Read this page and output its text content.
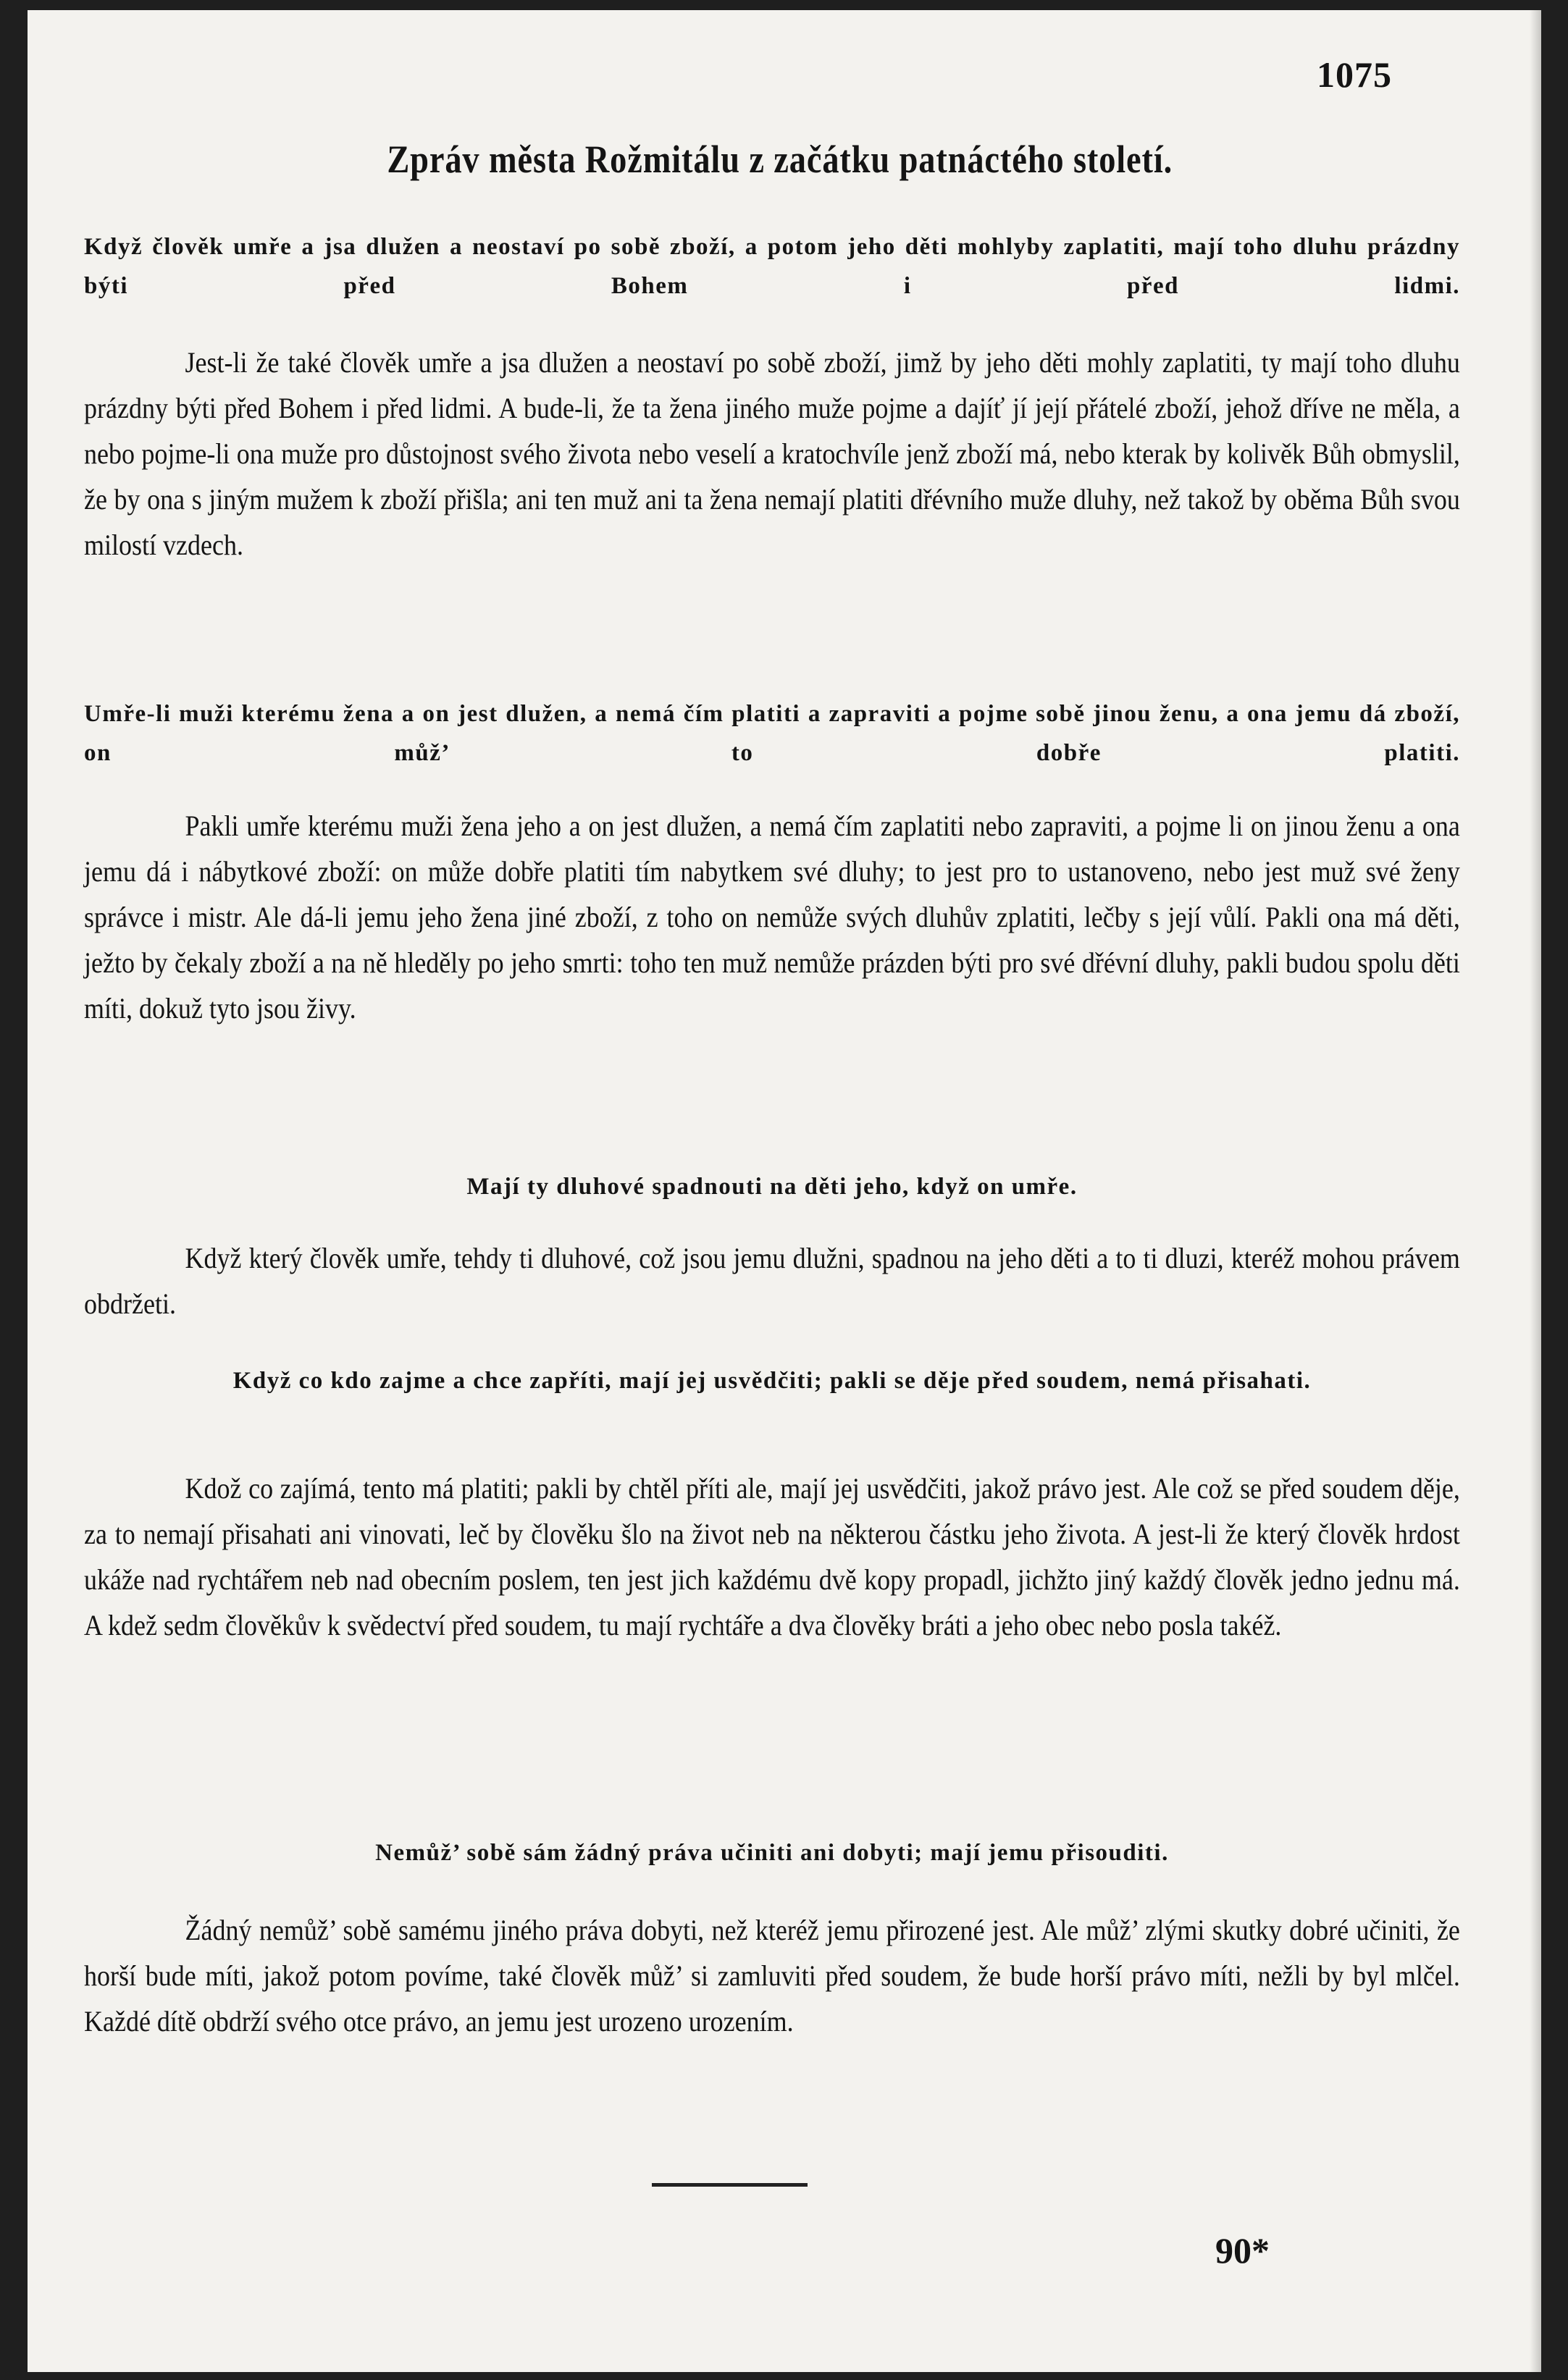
1075
Zpráv města Rožmitálu z začátku patnáctého století.
Když člověk umře a jsa dlužen a neostaví po sobě zboží, a potom jeho děti mohlyby zaplatiti, mají toho dluhu prázdny býti před Bohem i před lidmi.
Jest-li že také člověk umře a jsa dlužen a neostaví po sobě zboží, jimž by jeho děti mohly zaplatiti, ty mají toho dluhu prázdny býti před Bohem i před lidmi. A bude-li, že ta žena jiného muže pojme a dajíť jí její přátelé zboží, jehož dříve ne měla, a nebo pojme-li ona muže pro důstojnost svého života nebo veselí a kratochvíle jenž zboží má, nebo kterak by kolivěk Bůh obmyslil, že by ona s jiným mužem k zboží přišla; ani ten muž ani ta žena nemají platiti dřévního muže dluhy, než takož by oběma Bůh svou milostí vzdech.
Umře-li muži kterému žena a on jest dlužen, a nemá čím platiti a zapraviti a pojme sobě jinou ženu, a ona jemu dá zboží, on můž’ to dobře platiti.
Pakli umře kterému muži žena jeho a on jest dlužen, a nemá čím zaplatiti nebo zapraviti, a pojme li on jinou ženu a ona jemu dá i nábytkové zboží: on může dobře platiti tím nabytkem své dluhy; to jest pro to ustanoveno, nebo jest muž své ženy správce i mistr. Ale dá-li jemu jeho žena jiné zboží, z toho on nemůže svých dluhův zplatiti, lečby s její vůlí. Pakli ona má děti, ježto by čekaly zboží a na ně hleděly po jeho smrti: toho ten muž nemůže prázden býti pro své dřévní dluhy, pakli budou spolu děti míti, dokuž tyto jsou živy.
Mají ty dluhové spadnouti na děti jeho, když on umře.
Když který člověk umře, tehdy ti dluhové, což jsou jemu dlužni, spadnou na jeho děti a to ti dluzi, kteréž mohou právem obdržeti.
Když co kdo zajme a chce zapříti, mají jej usvědčiti; pakli se děje před soudem, nemá přisahati.
Kdož co zajímá, tento má platiti; pakli by chtěl příti ale, mají jej usvědčiti, jakož právo jest. Ale což se před soudem děje, za to nemají přisahati ani vinovati, leč by člověku šlo na život neb na některou částku jeho života. A jest-li že který člověk hrdost ukáže nad rychtářem neb nad obecním poslem, ten jest jich každému dvě kopy propadl, jichžto jiný každý člověk jedno jednu má. A kdež sedm člověkův k svědectví před soudem, tu mají rychtáře a dva člověky bráti a jeho obec nebo posla takéž.
Nemůž’ sobě sám žádný práva učiniti ani dobyti; mají jemu přisouditi.
Žádný nemůž’ sobě samému jiného práva dobyti, než kteréž jemu přirozené jest. Ale můž’ zlými skutky dobré učiniti, že horší bude míti, jakož potom povíme, také člověk můž’ si zamluviti před soudem, že bude horší právo míti, nežli by byl mlčel. Každé dítě obdrží svého otce právo, an jemu jest urozeno urozením.
90*
